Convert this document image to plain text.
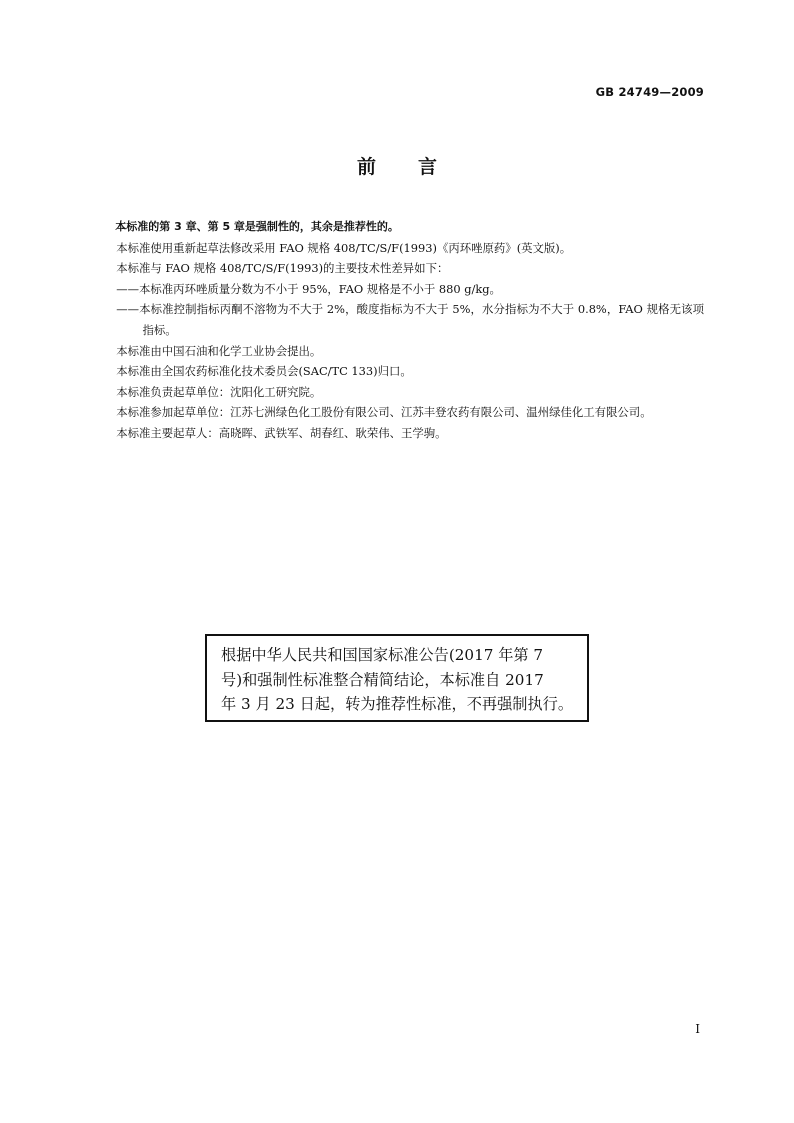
GB 24749—2009
前言

本标准的第 3 章、第 5 章是强制性的，其余是推荐性的。

本标准使用重新起草法修改采用 FAO 规格 408/TC/S/F(1993)《丙环唑原药》(英文版)。

本标准与 FAO 规格 408/TC/S/F(1993)的主要技术性差异如下：

——本标准丙环唑质量分数为不小于 95%，FAO 规格是不小于 880 g/kg。

——本标准控制指标丙酮不溶物为不大于 2%，酸度指标为不大于 5%，水分指标为不大于 0.8%，FAO 规格无该项指标。

本标准由中国石油和化学工业协会提出。

本标准由全国农药标准化技术委员会(SAC/TC 133)归口。

本标准负责起草单位：沈阳化工研究院。

本标准参加起草单位：江苏七洲绿色化工股份有限公司、江苏丰登农药有限公司、温州绿佳化工有限公司。

本标准主要起草人：高晓晖、武铁军、胡春红、耿荣伟、王学驹。

根据中华人民共和国国家标准公告(2017 年第 7

号)和强制性标准整合精简结论，本标准自 2017

年 3 月 23 日起，转为推荐性标准，不再强制执行。

I
